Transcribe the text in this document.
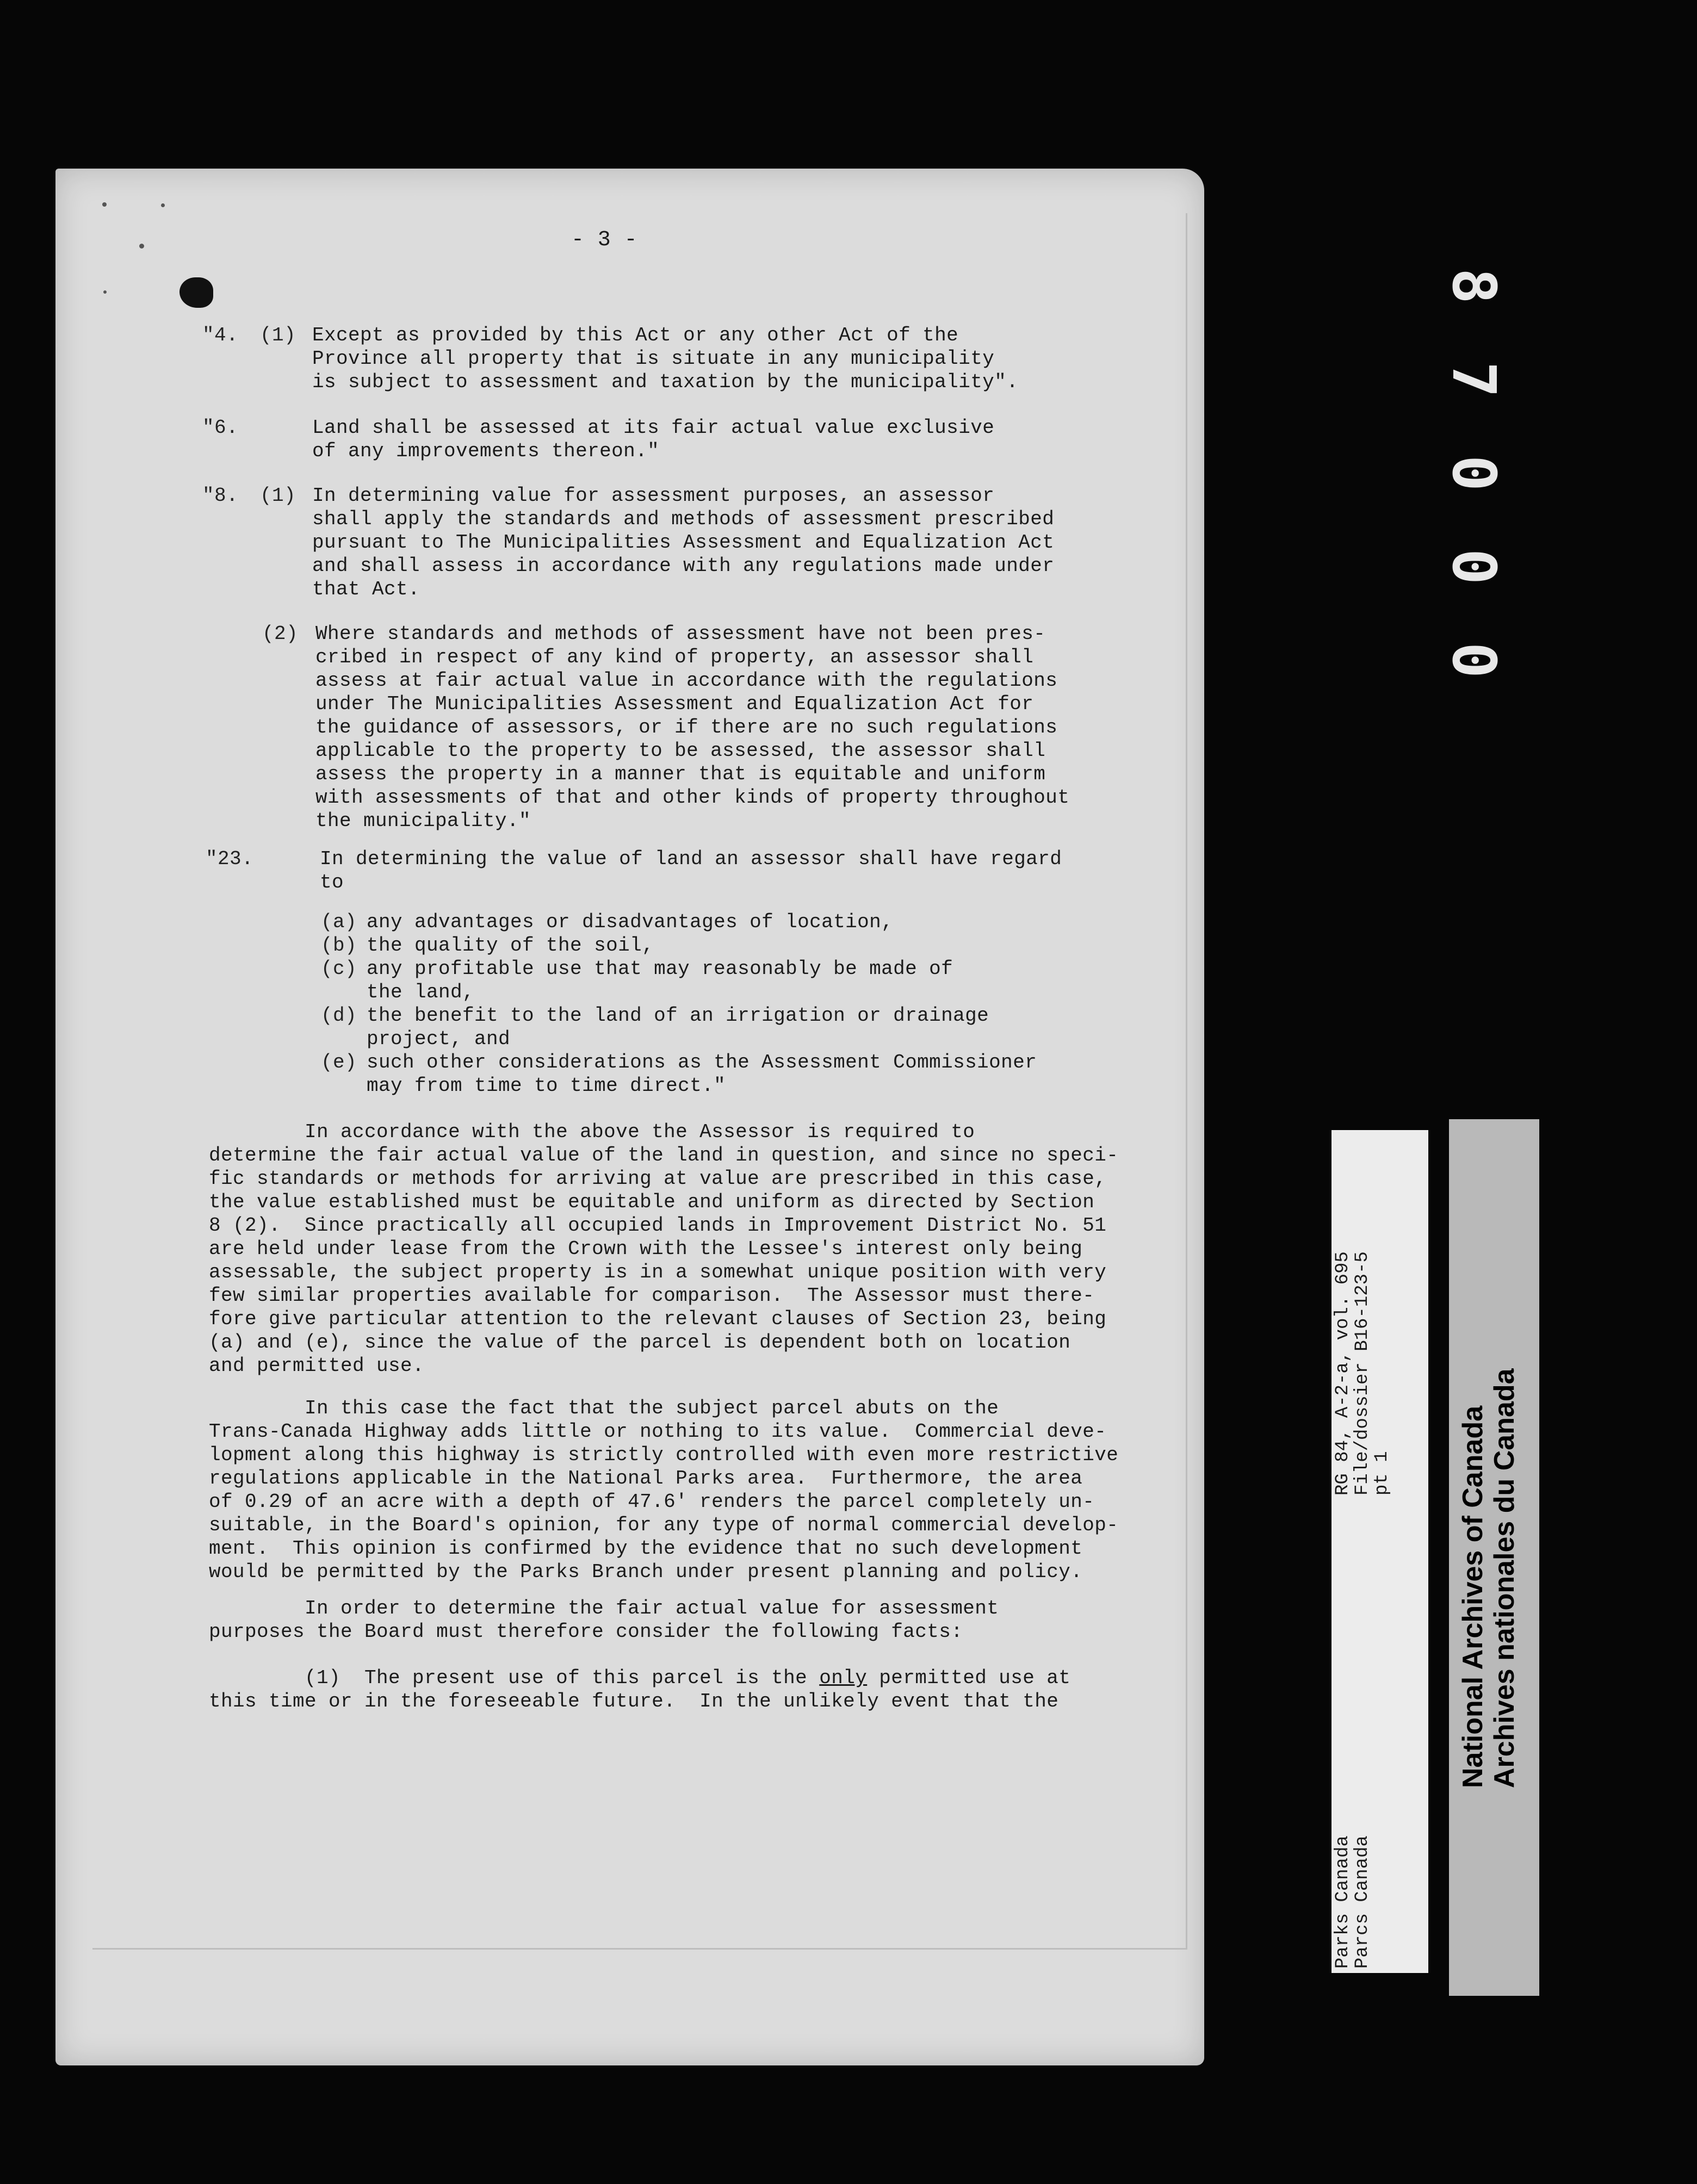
- 3 -
"4. (1) Except as provided by this Act or any other Act of the
Province all property that is situate in any municipality
is subject to assessment and taxation by the municipality".
"6.	Land shall be assessed at its fair actual value exclusive
of any improvements thereon."
"8. (1) In determining value for assessment purposes, an assessor
shall apply the standards and methods of assessment prescribed
pursuant to The Municipalities Assessment and Equalization Act
and shall assess in accordance with any regulations made under
that Act.
(2) Where standards and methods of assessment have not been pres-
cribed in respect of any kind of property, an assessor shall
assess at fair actual value in accordance with the regulations
under The Municipalities Assessment and Equalization Act for
the guidance of assessors, or if there are no such regulations
applicable to the property to be assessed, the assessor shall
assess the property in a manner that is equitable and uniform
with assessments of that and other kinds of property throughout
the municipality."
"23.	In determining the value of land an assessor shall have regard
to
(a) any advantages or disadvantages of location,
(b) the quality of the soil,
(c) any profitable use that may reasonably be made of
the land,
(d) the benefit to the land of an irrigation or drainage
project, and
(e) such other considerations as the Assessment Commissioner
may from time to time direct."
In accordance with the above the Assessor is required to
determine the fair actual value of the land in question, and since no speci-
fic standards or methods for arriving at value are prescribed in this case,
the value established must be equitable and uniform as directed by Section
8 (2).  Since practically all occupied lands in Improvement District No. 51
are held under lease from the Crown with the Lessee's interest only being
assessable, the subject property is in a somewhat unique position with very
few similar properties available for comparison.  The Assessor must there-
fore give particular attention to the relevant clauses of Section 23, being
(a) and (e), since the value of the parcel is dependent both on location
and permitted use.
In this case the fact that the subject parcel abuts on the
Trans-Canada Highway adds little or nothing to its value.  Commercial deve-
lopment along this highway is strictly controlled with even more restrictive
regulations applicable in the National Parks area.  Furthermore, the area
of 0.29 of an acre with a depth of 47.6' renders the parcel completely un-
suitable, in the Board's opinion, for any type of normal commercial develop-
ment.  This opinion is confirmed by the evidence that no such development
would be permitted by the Parks Branch under present planning and policy.
In order to determine the fair actual value for assessment
purposes the Board must therefore consider the following facts:
(1)  The present use of this parcel is the only permitted use at
this time or in the foreseeable future.  In the unlikely event that the
8
7
0
0
0
RG 84, A-2-a, vol. 695
File/dossier B16-123-5
pt 1
Parks Canada
Parcs Canada
National Archives of Canada Archives nationales du Canada
